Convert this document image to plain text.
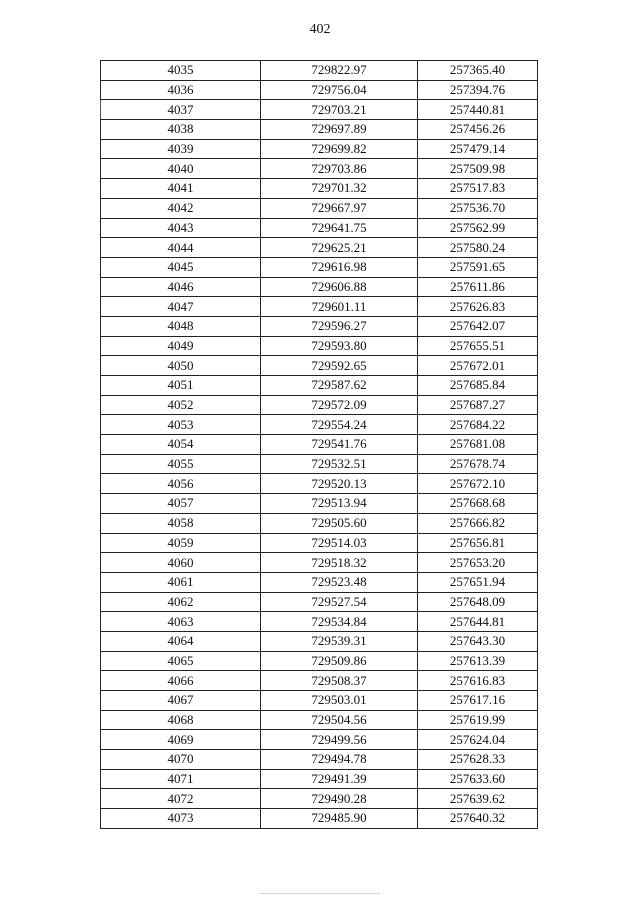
402
4035	729822.97	257365.40
4036	729756.04	257394.76
4037	729703.21	257440.81
4038	729697.89	257456.26
4039	729699.82	257479.14
4040	729703.86	257509.98
4041	729701.32	257517.83
4042	729667.97	257536.70
4043	729641.75	257562.99
4044	729625.21	257580.24
4045	729616.98	257591.65
4046	729606.88	257611.86
4047	729601.11	257626.83
4048	729596.27	257642.07
4049	729593.80	257655.51
4050	729592.65	257672.01
4051	729587.62	257685.84
4052	729572.09	257687.27
4053	729554.24	257684.22
4054	729541.76	257681.08
4055	729532.51	257678.74
4056	729520.13	257672.10
4057	729513.94	257668.68
4058	729505.60	257666.82
4059	729514.03	257656.81
4060	729518.32	257653.20
4061	729523.48	257651.94
4062	729527.54	257648.09
4063	729534.84	257644.81
4064	729539.31	257643.30
4065	729509.86	257613.39
4066	729508.37	257616.83
4067	729503.01	257617.16
4068	729504.56	257619.99
4069	729499.56	257624.04
4070	729494.78	257628.33
4071	729491.39	257633.60
4072	729490.28	257639.62
4073	729485.90	257640.32
